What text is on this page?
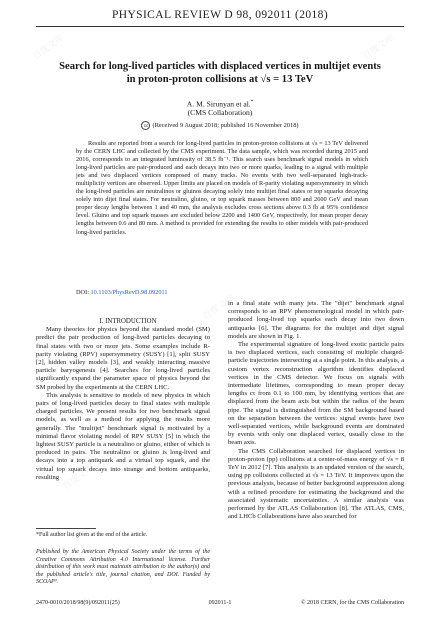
PHYSICAL REVIEW D 98, 092011 (2018)
Search for long-lived particles with displaced vertices in multijet events in proton-proton collisions at √s = 13 TeV
A. M. Sirunyan et al.*
(CMS Collaboration)
cc (Received 9 August 2018; published 16 November 2018)

Results are reported from a search for long-lived particles in proton-proton collisions at √s = 13 TeV delivered by the CERN LHC and collected by the CMS experiment. The data sample, which was recorded during 2015 and 2016, corresponds to an integrated luminosity of 38.5 fb⁻¹. This search uses benchmark signal models in which long-lived particles are pair-produced and each decays into two or more quarks, leading to a signal with multiple jets and two displaced vertices composed of many tracks. No events with two well-separated high-track-multiplicity vertices are observed. Upper limits are placed on models of R-parity violating supersymmetry in which the long-lived particles are neutralinos or gluinos decaying solely into multijet final states or top squarks decaying solely into dijet final states. For neutralino, gluino, or top squark masses between 800 and 2600 GeV and mean proper decay lengths between 1 and 40 mm, the analysis excludes cross sections above 0.3 fb at 95% confidence level. Gluino and top squark masses are excluded below 2200 and 1400 GeV, respectively, for mean proper decay lengths between 0.6 and 80 mm. A method is provided for extending the results to other models with pair-produced long-lived particles.

DOI: 10.1103/PhysRevD.98.092011

I. INTRODUCTION

Many theories for physics beyond the standard model (SM) predict the pair production of long-lived particles decaying to final states with two or more jets. Some examples include R-parity violating (RPV) supersymmetry (SUSY) [1], split SUSY [2], hidden valley models [3], and weakly interacting massive particle baryogenesis [4]. Searches for long-lived particles significantly expand the parameter space of physics beyond the SM probed by the experiments at the CERN LHC.

This analysis is sensitive to models of new physics in which pairs of long-lived particles decay to final states with multiple charged particles. We present results for two benchmark signal models, as well as a method for applying the results more generally. The "multijet" benchmark signal is motivated by a minimal flavor violating model of RPV SUSY [5] in which the lightest SUSY particle is a neutralino or gluino, either of which is produced in pairs. The neutralino or gluino is long-lived and decays into a top antiquark and a virtual top squark, and the virtual top squark decays into strange and bottom antiquarks, resulting

in a final state with many jets. The "dijet" benchmark signal corresponds to an RPV phenomenological model in which pair-produced long-lived top squarks each decay into two down antiquarks [6]. The diagrams for the multijet and dijet signal models are shown in Fig. 1.

The experimental signature of long-lived exotic particle pairs is two displaced vertices, each consisting of multiple charged-particle trajectories intersecting at a single point. In this analysis, a custom vertex reconstruction algorithm identifies displaced vertices in the CMS detector. We focus on signals with intermediate lifetimes, corresponding to mean proper decay lengths cτ from 0.1 to 100 mm, by identifying vertices that are displaced from the beam axis but within the radius of the beam pipe. The signal is distinguished from the SM background based on the separation between the vertices: signal events have two well-separated vertices, while background events are dominated by events with only one displaced vertex, usually close to the beam axis.

The CMS Collaboration searched for displaced vertices in proton-proton (pp) collisions at a center-of-mass energy of √s = 8 TeV in 2012 [7]. This analysis is an updated version of the search, using pp collisions collected at √s = 13 TeV. It improves upon the previous analysis, because of better background suppression along with a refined procedure for estimating the background and the associated systematic uncertainties. A similar analysis was performed by the ATLAS Collaboration [8]. The ATLAS, CMS, and LHCb Collaborations have also searched for

*Full author list given at the end of the article.
Published by the American Physical Society under the terms of the Creative Commons Attribution 4.0 International license. Further distribution of this work must maintain attribution to the author(s) and the published article's title, journal citation, and DOI. Funded by SCOAP³.
2470-0010/2018/98(9)/092011(25)	092011-1	© 2018 CERN, for the CMS Collaboration
百度文库	百度文库
百度文库
百度文库	百度文库
